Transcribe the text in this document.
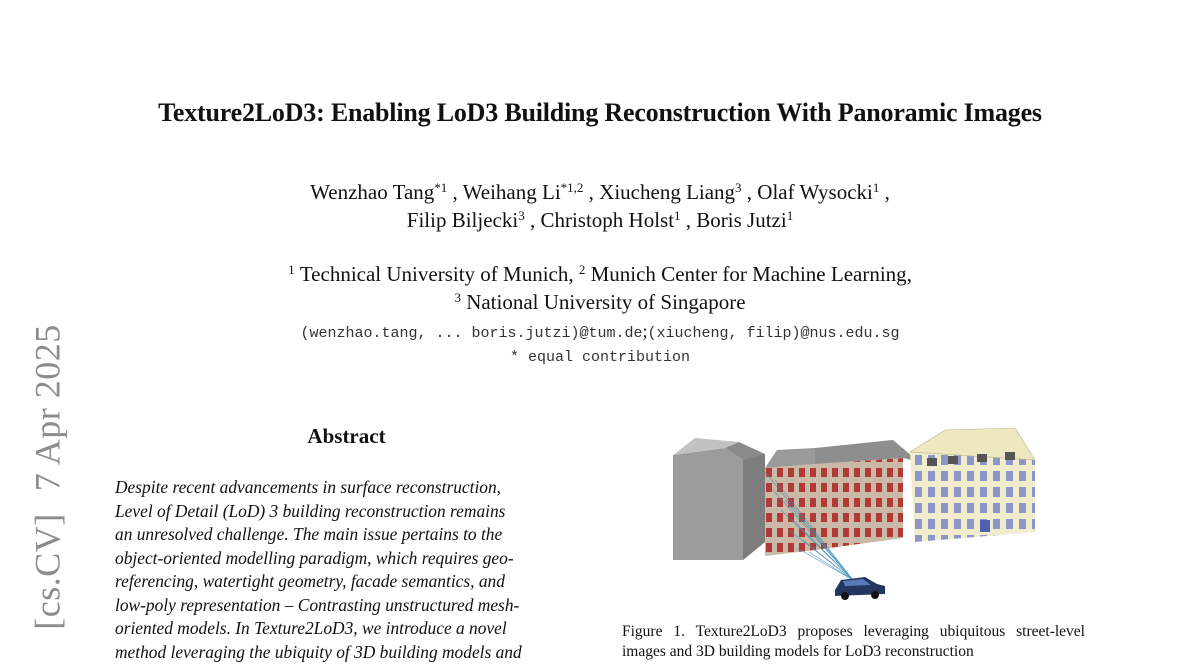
[cs.CV]7 Apr 2025
Texture2LoD3: Enabling LoD3 Building Reconstruction With Panoramic Images
Wenzhao Tang$^{*1}$ , Weihang Li$^{*1,2}$ , Xiucheng Liang$^3$ , Olaf Wysocki$^1$ ,
Filip Biljecki$^3$ , Christoph Holst$^1$ , Boris Jutzi$^1$
$^1$ Technical University of Munich, $^2$ Munich Center for Machine Learning,
$^3$ National University of Singapore
(wenzhao.tang, ... boris.jutzi)@tum.de;(xiucheng, filip)@nus.edu.sg
* equal contribution
Abstract
Despite recent advancements in surface reconstruction,
Level of Detail (LoD) 3 building reconstruction remains
an unresolved challenge. The main issue pertains to the
object-oriented modelling paradigm, which requires geo-
referencing, watertight geometry, facade semantics, and
low-poly representation – Contrasting unstructured mesh-
oriented models. In Texture2LoD3, we introduce a novel
method leveraging the ubiquity of 3D building models and
Figure 1. Texture2LoD3 proposes leveraging ubiquitous street-level images and 3D building models for LoD3 reconstruction
